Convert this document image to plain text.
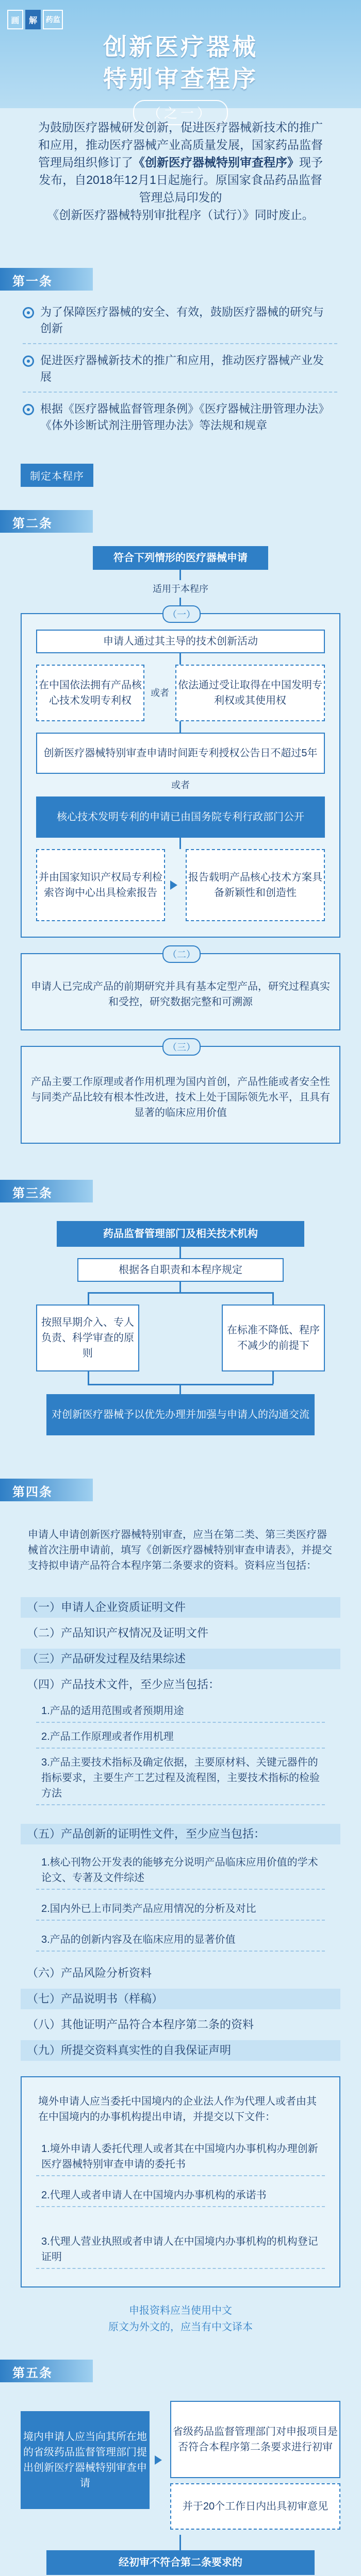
画	解	药监
创新医疗器械
特别审查程序
（之一）
为鼓励医疗器械研发创新，促进医疗器械新技术的推广和应用，推动医疗器械产业高质量发展，国家药品监督管理局组织修订了《创新医疗器械特别审查程序》现予发布，自2018年12月1日起施行。原国家食品药品监督管理总局印发的《创新医疗器械特别审批程序（试行）》同时废止。
第一条
为了保障医疗器械的安全、有效，鼓励医疗器械的研究与创新
促进医疗器械新技术的推广和应用，推动医疗器械产业发展
根据《医疗器械监督管理条例》《医疗器械注册管理办法》《体外诊断试剂注册管理办法》等法规和规章
制定本程序
第二条
符合下列情形的医疗器械申请
适用于本程序
（一）
申请人通过其主导的技术创新活动
在中国依法拥有产品核心技术发明专利权
或者
依法通过受让取得在中国发明专利权或其使用权
创新医疗器械特别审查申请时间距专利授权公告日不超过5年
或者
核心技术发明专利的申请已由国务院专利行政部门公开
并由国家知识产权局专利检索咨询中心出具检索报告
报告载明产品核心技术方案具备新颖性和创造性
（二）
申请人已完成产品的前期研究并具有基本定型产品，研究过程真实和受控，研究数据完整和可溯源
（三）
产品主要工作原理或者作用机理为国内首创，产品性能或者安全性与同类产品比较有根本性改进，技术上处于国际领先水平，且具有显著的临床应用价值
第三条
药品监督管理部门及相关技术机构
根据各自职责和本程序规定
按照早期介入、专人负责、科学审查的原则
在标准不降低、程序不减少的前提下
对创新医疗器械予以优先办理并加强与申请人的沟通交流
第四条
申请人申请创新医疗器械特别审查，应当在第二类、第三类医疗器械首次注册申请前，填写《创新医疗器械特别审查申请表》，并提交支持拟申请产品符合本程序第二条要求的资料。资料应当包括：
（一）申请人企业资质证明文件
（二）产品知识产权情况及证明文件
（三）产品研发过程及结果综述
（四）产品技术文件，至少应当包括：
1.产品的适用范围或者预期用途
2.产品工作原理或者作用机理
3.产品主要技术指标及确定依据，主要原材料、关键元器件的指标要求，主要生产工艺过程及流程图，主要技术指标的检验方法
（五）产品创新的证明性文件，至少应当包括：
1.核心刊物公开发表的能够充分说明产品临床应用价值的学术论文、专著及文件综述
2.国内外已上市同类产品应用情况的分析及对比
3.产品的创新内容及在临床应用的显著价值
（六）产品风险分析资料
（七）产品说明书（样稿）
（八）其他证明产品符合本程序第二条的资料
（九）所提交资料真实性的自我保证声明
境外申请人应当委托中国境内的企业法人作为代理人或者由其在中国境内的办事机构提出申请，并提交以下文件：
1.境外申请人委托代理人或者其在中国境内办事机构办理创新医疗器械特别审查申请的委托书
2.代理人或者申请人在中国境内办事机构的承诺书
3.代理人营业执照或者申请人在中国境内办事机构的机构登记证明
申报资料应当使用中文
原文为外文的，应当有中文译本
第五条
境内申请人应当向其所在地的省级药品监督管理部门提出创新医疗器械特别审查申请
省级药品监督管理部门对申报项目是否符合本程序第二条要求进行初审
并于20个工作日内出具初审意见
经初审不符合第二条要求的
